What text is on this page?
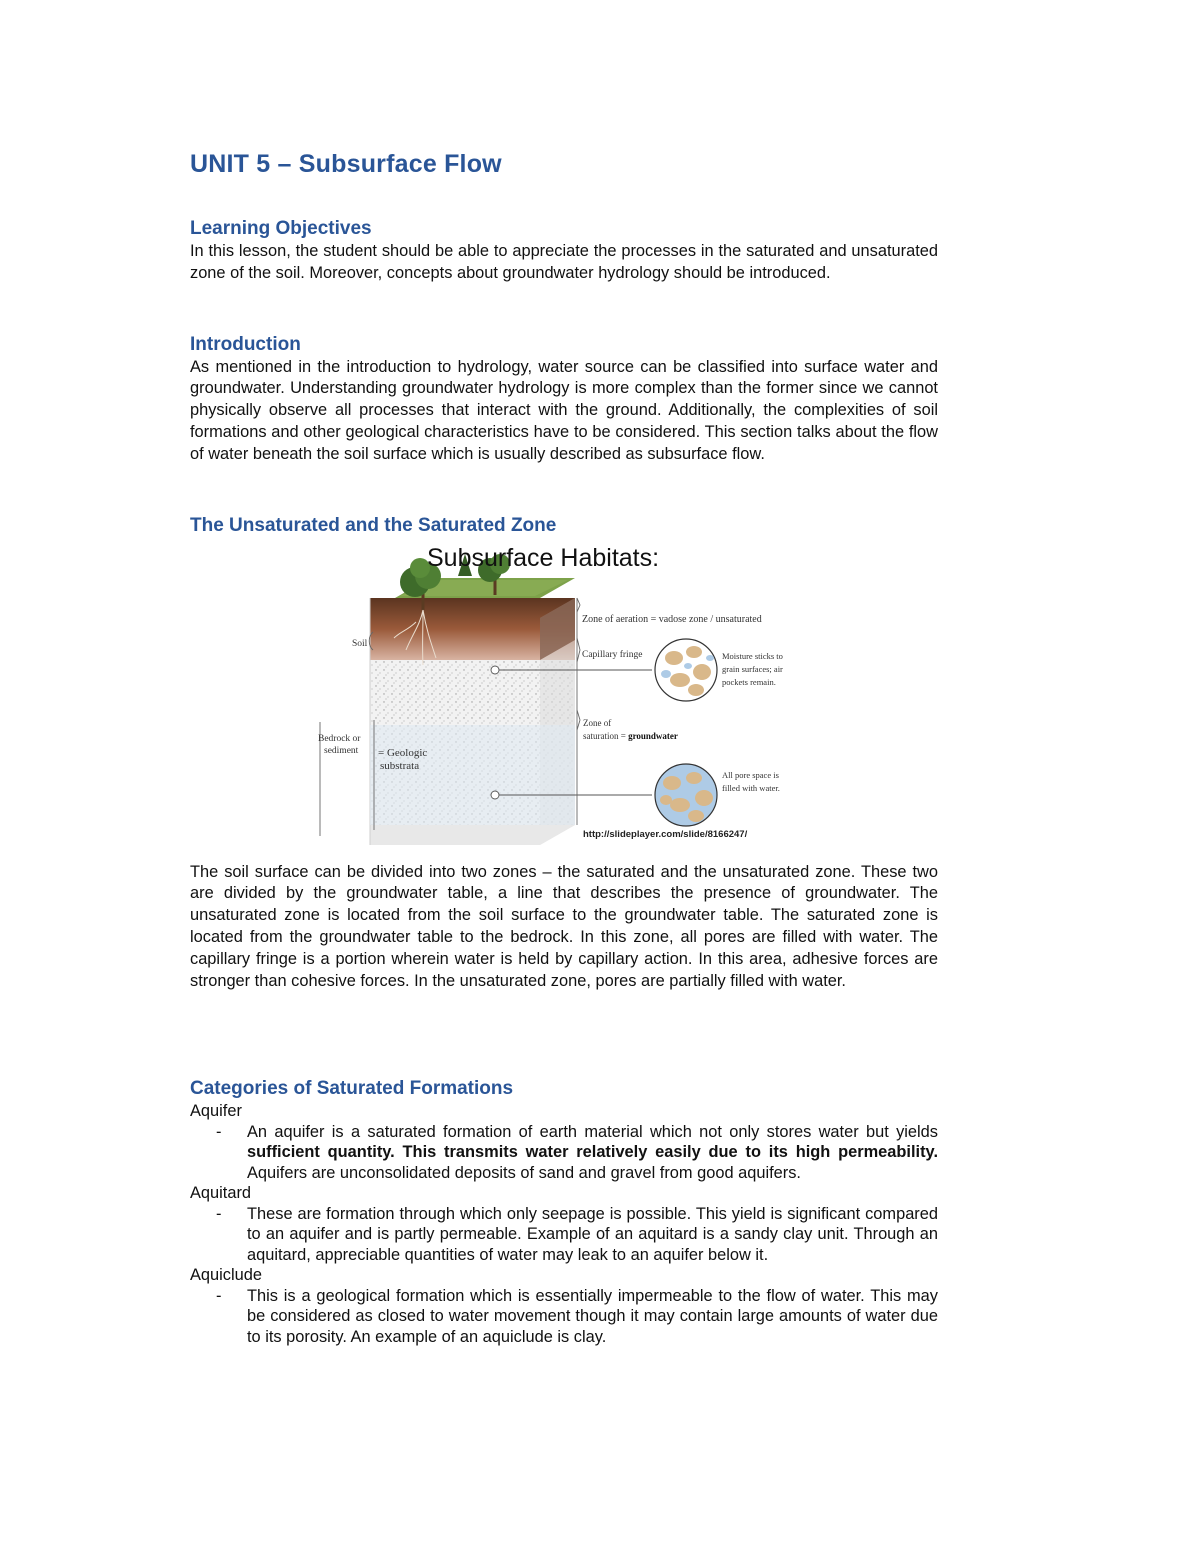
UNIT 5 – Subsurface Flow
Learning Objectives

In this lesson, the student should be able to appreciate the processes in the saturated and unsaturated zone of the soil. Moreover, concepts about groundwater hydrology should be introduced.

Introduction

As mentioned in the introduction to hydrology, water source can be classified into surface water and groundwater. Understanding groundwater hydrology is more complex than the former since we cannot physically observe all processes that interact with the ground. Additionally, the complexities of soil formations and other geological characteristics have to be considered. This section talks about the flow of water beneath the soil surface which is usually described as subsurface flow.

The Unsaturated and the Saturated Zone
Soil
Bedrock or
sediment = Geologic
substrata
Zone of aeration = vadose zone / unsaturated
Capillary fringe	Moisture sticks to
grain surfaces; air
pockets remain.
Zone of
saturation = groundwater
All pore space is
filled with water.
http://slideplayer.com/slide/8166247/
Subsurface Habitats:

The soil surface can be divided into two zones – the saturated and the unsaturated zone. These two are divided by the groundwater table, a line that describes the presence of groundwater. The unsaturated zone is located from the soil surface to the groundwater table. The saturated zone is located from the groundwater table to the bedrock. In this zone, all pores are filled with water. The capillary fringe is a portion wherein water is held by capillary action. In this area, adhesive forces are stronger than cohesive forces. In the unsaturated zone, pores are partially filled with water.

Categories of Saturated Formations
Aquifer
- An aquifer is a saturated formation of earth material which not only stores water but yields sufficient quantity. This transmits water relatively easily due to its high permeability. Aquifers are unconsolidated deposits of sand and gravel from good aquifers.
Aquitard
- These are formation through which only seepage is possible. This yield is significant compared to an aquifer and is partly permeable. Example of an aquitard is a sandy clay unit. Through an aquitard, appreciable quantities of water may leak to an aquifer below it.
Aquiclude
- This is a geological formation which is essentially impermeable to the flow of water. This may be considered as closed to water movement though it may contain large amounts of water due to its porosity. An example of an aquiclude is clay.
